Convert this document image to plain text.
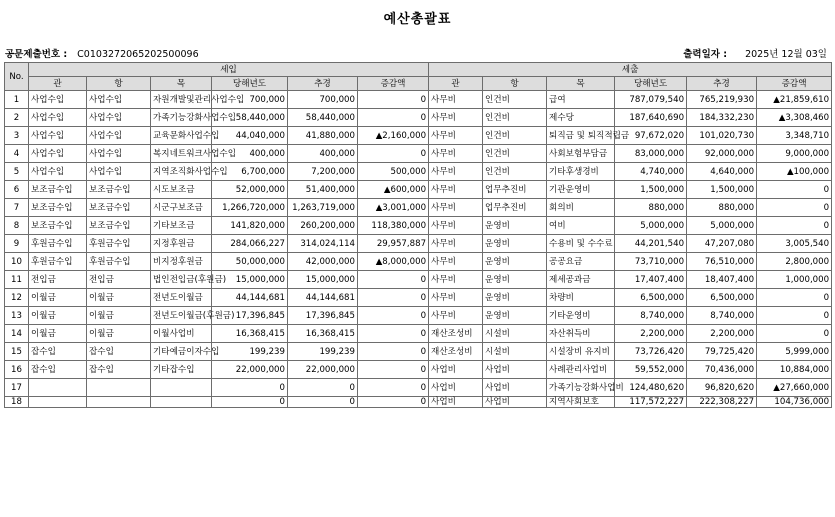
예산총괄표
공문제출번호 : C0103272065202500096	출력일자 : 2025년 12월 03일
No.	세입						세출					
	관	항	목	당해년도	추경	증감액	관	항	목	당해년도	추경	증감액
1	사업수입	사업수입	자원개발및관리사업수입	700,000	700,000	0	사무비	인건비	급여	787,079,540	765,219,930	▲21,859,610
2	사업수입	사업수입	가족기능강화사업수입	58,440,000	58,440,000	0	사무비	인건비	제수당	187,640,690	184,332,230	▲3,308,460
3	사업수입	사업수입	교육문화사업수입	44,040,000	41,880,000	▲2,160,000	사무비	인건비	퇴직금 및 퇴직적립금	97,672,020	101,020,730	3,348,710
4	사업수입	사업수입	복지네트워크사업수입	400,000	400,000	0	사무비	인건비	사회보험부담금	83,000,000	92,000,000	9,000,000
5	사업수입	사업수입	지역조직화사업수입	6,700,000	7,200,000	500,000	사무비	인건비	기타후생경비	4,740,000	4,640,000	▲100,000
6	보조금수입	보조금수입	시도보조금	52,000,000	51,400,000	▲600,000	사무비	업무추진비	기관운영비	1,500,000	1,500,000	0
7	보조금수입	보조금수입	시군구보조금	1,266,720,000	1,263,719,000	▲3,001,000	사무비	업무추진비	회의비	880,000	880,000	0
8	보조금수입	보조금수입	기타보조금	141,820,000	260,200,000	118,380,000	사무비	운영비	여비	5,000,000	5,000,000	0
9	후원금수입	후원금수입	지정후원금	284,066,227	314,024,114	29,957,887	사무비	운영비	수용비 및 수수료	44,201,540	47,207,080	3,005,540
10	후원금수입	후원금수입	비지정후원금	50,000,000	42,000,000	▲8,000,000	사무비	운영비	공공요금	73,710,000	76,510,000	2,800,000
11	전입금	전입금	법인전입금(후원금)	15,000,000	15,000,000	0	사무비	운영비	제세공과금	17,407,400	18,407,400	1,000,000
12	이월금	이월금	전년도이월금	44,144,681	44,144,681	0	사무비	운영비	차량비	6,500,000	6,500,000	0
13	이월금	이월금	전년도이월금(후원금)	17,396,845	17,396,845	0	사무비	운영비	기타운영비	8,740,000	8,740,000	0
14	이월금	이월금	이월사업비	16,368,415	16,368,415	0	재산조성비	시설비	자산취득비	2,200,000	2,200,000	0
15	잡수입	잡수입	기타예금이자수입	199,239	199,239	0	재산조성비	시설비	시설장비 유지비	73,726,420	79,725,420	5,999,000
16	잡수입	잡수입	기타잡수입	22,000,000	22,000,000	0	사업비	사업비	사례관리사업비	59,552,000	70,436,000	10,884,000
17				0	0	0	사업비	사업비	가족기능강화사업비	124,480,620	96,820,620	▲27,660,000
18				0	0	0	사업비	사업비	지역사회보호	117,572,227	222,308,227	104,736,000
